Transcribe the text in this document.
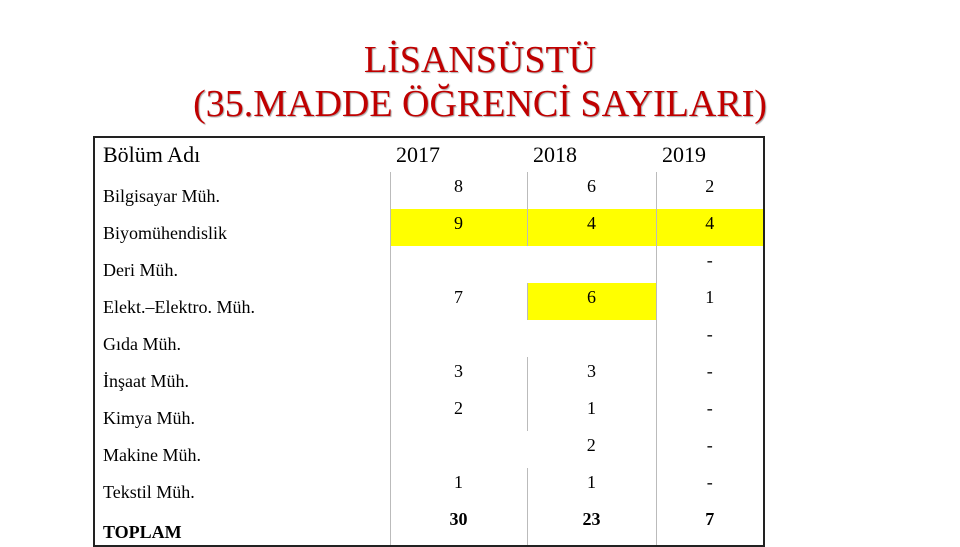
LİSANSÜSTÜ
(35.MADDE ÖĞRENCİ SAYILARI)
Bölüm Adı	2017	2018	2019
Bilgisayar Müh.	8	6	2
Biyomühendislik	9	4	4
Deri Müh.			-
Elekt.–Elektro. Müh.	7	6	1
Gıda Müh.			-
İnşaat Müh.	3	3	-
Kimya Müh.	2	1	-
Makine Müh.		2	-
Tekstil Müh.	1	1	-
TOPLAM	30	23	7
